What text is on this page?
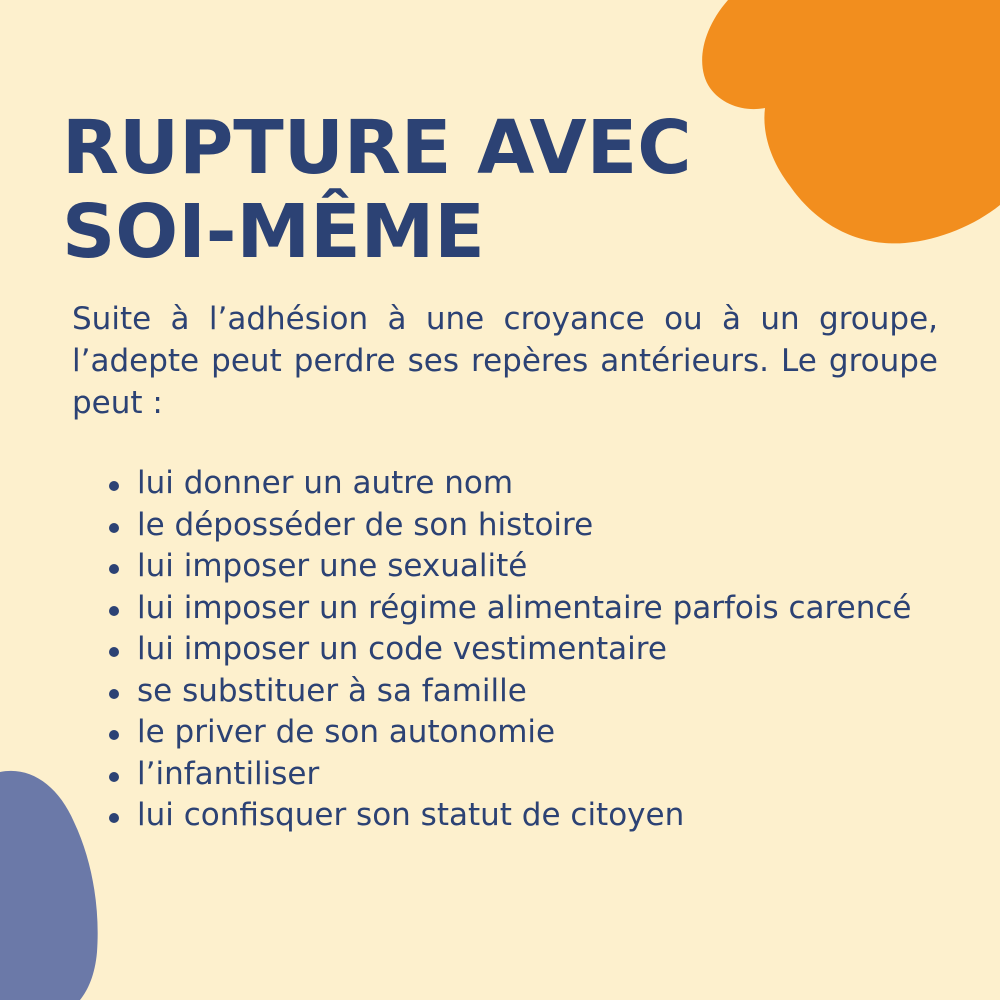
RUPTURE AVEC
SOI-MÊME

Suite à l’adhésion à une croyance ou à un groupe, l’adepte peut perdre ses repères antérieurs. Le groupe peut :

lui donner un autre nom
le déposséder de son histoire
lui imposer une sexualité
lui imposer un régime alimentaire parfois carencé
lui imposer un code vestimentaire
se substituer à sa famille
le priver de son autonomie
l’infantiliser
lui confisquer son statut de citoyen
